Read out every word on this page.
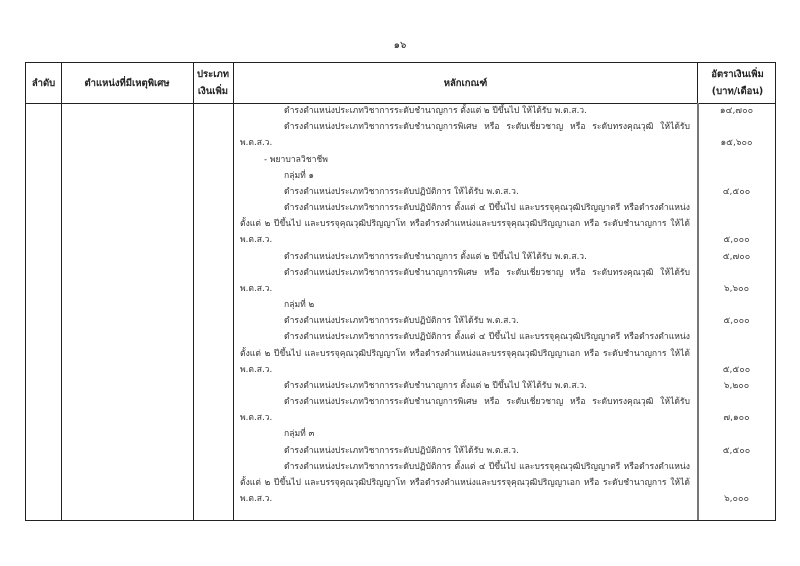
๑๖
ลำดับ	ตำแหน่งที่มีเหตุพิเศษ
ประเภท
เงินเพิ่ม
หลักเกณฑ์
อัตราเงินเพิ่ม
(บาท/เดือน)
ดำรงตำแหน่งประเภทวิชาการระดับชำนาญการ ตั้งแต่ ๒ ปีขึ้นไป ให้ได้รับ พ.ต.ส.ว.	๑๔,๗๐๐
ดำรงตำแหน่งประเภทวิชาการระดับชำนาญการพิเศษ หรือ ระดับเชี่ยวชาญ หรือ ระดับทรงคุณวุฒิ ให้ได้รับ
พ.ต.ส.ว.	๑๕,๖๐๐
- พยาบาลวิชาชีพ
กลุ่มที่ ๑
ดำรงตำแหน่งประเภทวิชาการระดับปฏิบัติการ ให้ได้รับ พ.ต.ส.ว.	๔,๕๐๐
ดำรงตำแหน่งประเภทวิชาการระดับปฏิบัติการ ตั้งแต่ ๔ ปีขึ้นไป และบรรจุคุณวุฒิปริญญาตรี หรือดำรงตำแหน่ง
ตั้งแต่ ๒ ปีขึ้นไป และบรรจุคุณวุฒิปริญญาโท หรือดำรงตำแหน่งและบรรจุคุณวุฒิปริญญาเอก หรือ ระดับชำนาญการ ให้ได้
พ.ต.ส.ว.	๕,๐๐๐
ดำรงตำแหน่งประเภทวิชาการระดับชำนาญการ ตั้งแต่ ๒ ปีขึ้นไป ให้ได้รับ พ.ต.ส.ว.	๕,๗๐๐
ดำรงตำแหน่งประเภทวิชาการระดับชำนาญการพิเศษ หรือ ระดับเชี่ยวชาญ หรือ ระดับทรงคุณวุฒิ ให้ได้รับ
พ.ต.ส.ว.	๖,๖๐๐
กลุ่มที่ ๒
ดำรงตำแหน่งประเภทวิชาการระดับปฏิบัติการ ให้ได้รับ พ.ต.ส.ว.	๕,๐๐๐
ดำรงตำแหน่งประเภทวิชาการระดับปฏิบัติการ ตั้งแต่ ๔ ปีขึ้นไป และบรรจุคุณวุฒิปริญญาตรี หรือดำรงตำแหน่ง
ตั้งแต่ ๒ ปีขึ้นไป และบรรจุคุณวุฒิปริญญาโท หรือดำรงตำแหน่งและบรรจุคุณวุฒิปริญญาเอก หรือ ระดับชำนาญการ ให้ได้
พ.ต.ส.ว.	๕,๕๐๐
ดำรงตำแหน่งประเภทวิชาการระดับชำนาญการ ตั้งแต่ ๒ ปีขึ้นไป ให้ได้รับ พ.ต.ส.ว.	๖,๒๐๐
ดำรงตำแหน่งประเภทวิชาการระดับชำนาญการพิเศษ หรือ ระดับเชี่ยวชาญ หรือ ระดับทรงคุณวุฒิ ให้ได้รับ
พ.ต.ส.ว.	๗,๑๐๐
กลุ่มที่ ๓
ดำรงตำแหน่งประเภทวิชาการระดับปฏิบัติการ ให้ได้รับ พ.ต.ส.ว.	๕,๕๐๐
ดำรงตำแหน่งประเภทวิชาการระดับปฏิบัติการ ตั้งแต่ ๔ ปีขึ้นไป และบรรจุคุณวุฒิปริญญาตรี หรือดำรงตำแหน่ง
ตั้งแต่ ๒ ปีขึ้นไป และบรรจุคุณวุฒิปริญญาโท หรือดำรงตำแหน่งและบรรจุคุณวุฒิปริญญาเอก หรือ ระดับชำนาญการ ให้ได้
พ.ต.ส.ว.	๖,๐๐๐
